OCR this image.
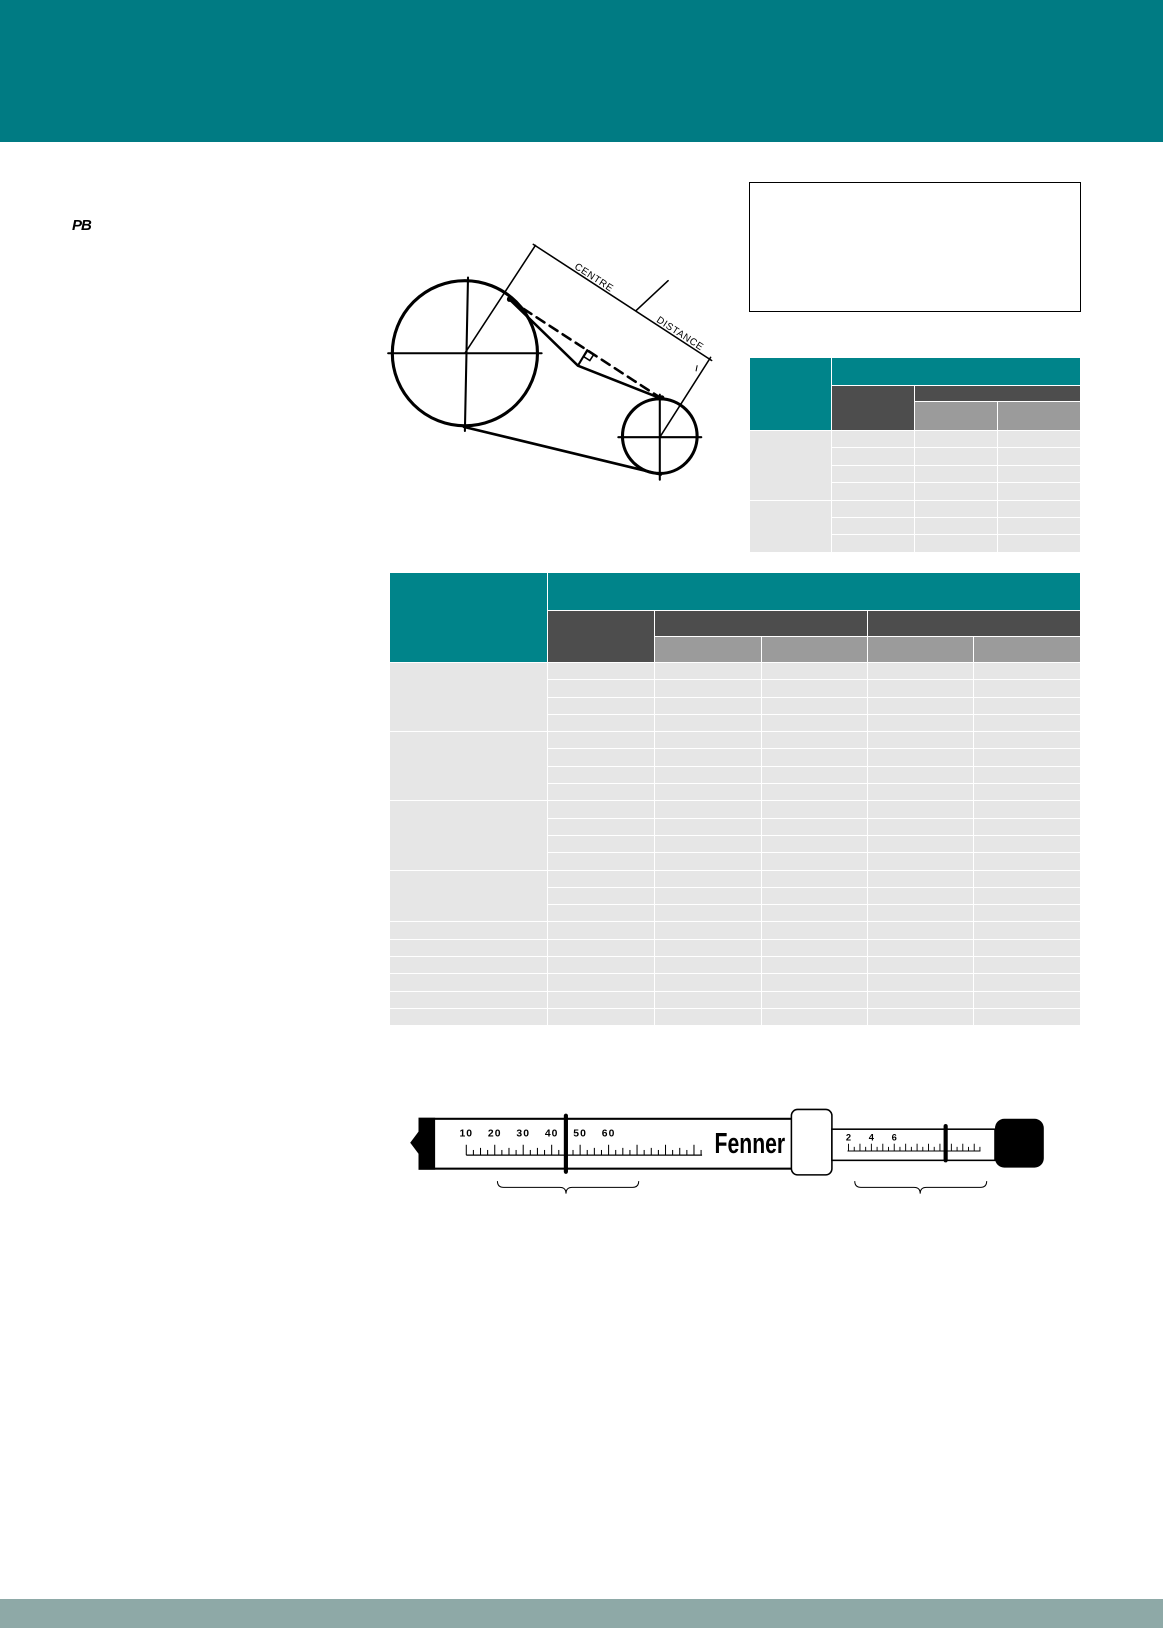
PB
CENTRE
DISTANCE

10 20 30 40 50 60	Fenner	2 4 6
